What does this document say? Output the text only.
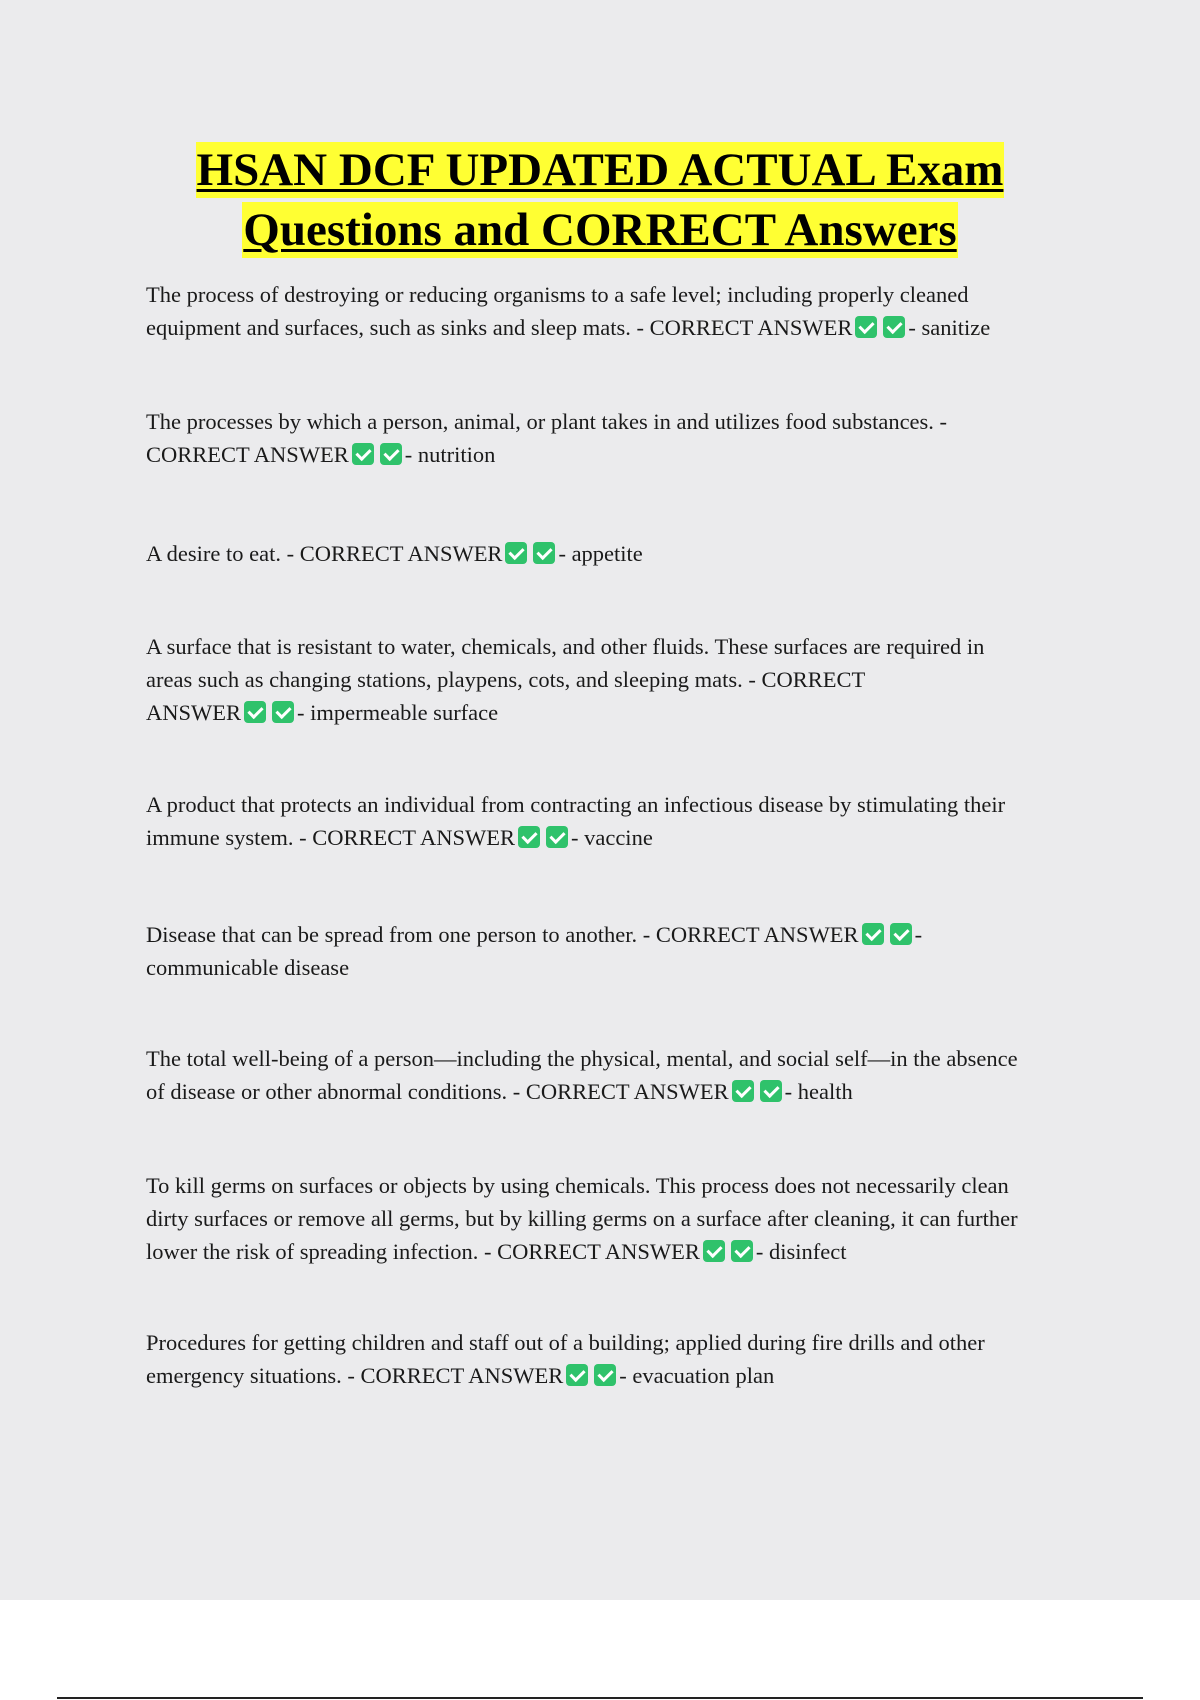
HSAN DCF UPDATED ACTUAL Exam
Questions and CORRECT Answers
The process of destroying or reducing organisms to a safe level; including properly cleaned
equipment and surfaces, such as sinks and sleep mats. - CORRECT ANSWER - sanitize
The processes by which a person, animal, or plant takes in and utilizes food substances. -
CORRECT ANSWER - nutrition
A desire to eat. - CORRECT ANSWER - appetite
A surface that is resistant to water, chemicals, and other fluids. These surfaces are required in
areas such as changing stations, playpens, cots, and sleeping mats. - CORRECT
ANSWER - impermeable surface
A product that protects an individual from contracting an infectious disease by stimulating their
immune system. - CORRECT ANSWER - vaccine
Disease that can be spread from one person to another. - CORRECT ANSWER -
communicable disease
The total well-being of a person—including the physical, mental, and social self—in the absence
of disease or other abnormal conditions. - CORRECT ANSWER - health
To kill germs on surfaces or objects by using chemicals. This process does not necessarily clean
dirty surfaces or remove all germs, but by killing germs on a surface after cleaning, it can further
lower the risk of spreading infection. - CORRECT ANSWER - disinfect
Procedures for getting children and staff out of a building; applied during fire drills and other
emergency situations. - CORRECT ANSWER - evacuation plan
